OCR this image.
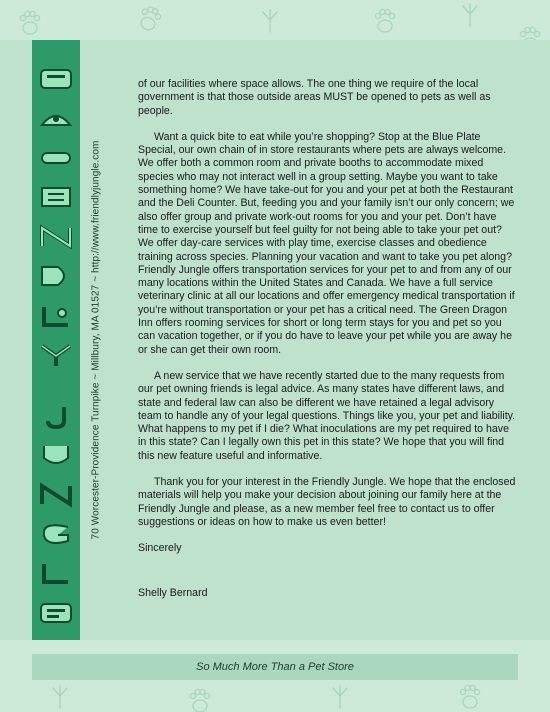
70 Worcester-Providence Turnpike ~ Millbury, MA 01527 ~ http://www.friendlyjungle.com

of our facilities where space allows. The one thing we require of the local government is that those outside areas MUST be opened to pets as well as people.

Want a quick bite to eat while you’re shopping? Stop at the Blue Plate Special, our own chain of in store restaurants where pets are always welcome. We offer both a common room and private booths to accommodate mixed species who may not interact well in a group setting. Maybe you want to take something home? We have take-out for you and your pet at both the Restaurant and the Deli Counter. But, feeding you and your family isn’t our only concern; we also offer group and private work-out rooms for you and your pet. Don’t have time to exercise yourself but feel guilty for not being able to take your pet out? We offer day-care services with play time, exercise classes and obedience training across species. Planning your vacation and want to take you pet along? Friendly Jungle offers transportation services for your pet to and from any of our many locations within the United States and Canada. We have a full service veterinary clinic at all our locations and offer emergency medical transportation if you’re without transportation or your pet has a critical need. The Green Dragon Inn offers rooming services for short or long term stays for you and pet so you can vacation together, or if you do have to leave your pet while you are away he or she can get their own room.

A new service that we have recently started due to the many requests from our pet owning friends is legal advice. As many states have different laws, and state and federal law can also be different we have retained a legal advisory team to handle any of your legal questions. Things like you, your pet and liability. What happens to my pet if I die? What inoculations are my pet required to have in this state? Can I legally own this pet in this state? We hope that you will find this new feature useful and informative.

Thank you for your interest in the Friendly Jungle. We hope that the enclosed materials will help you make your decision about joining our family here at the Friendly Jungle and please, as a new member feel free to contact us to offer suggestions or ideas on how to make us even better!

Sincerely

Shelly Bernard

So Much More Than a Pet Store
